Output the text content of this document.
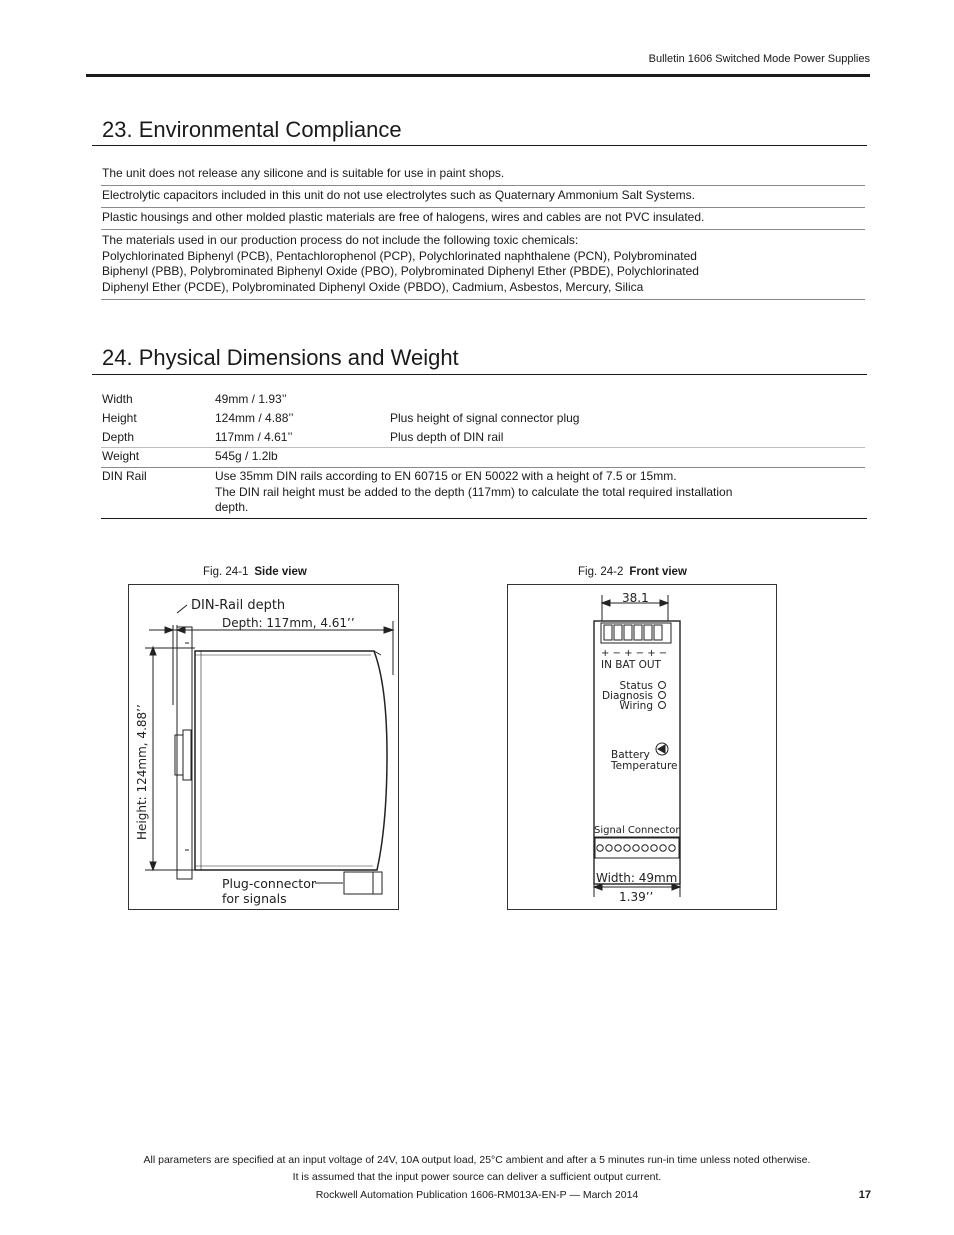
Bulletin 1606 Switched Mode Power Supplies
23. Environmental Compliance
The unit does not release any silicone and is suitable for use in paint shops.
Electrolytic capacitors included in this unit do not use electrolytes such as Quaternary Ammonium Salt Systems.
Plastic housings and other molded plastic materials are free of halogens, wires and cables are not PVC insulated.
The materials used in our production process do not include the following toxic chemicals:
Polychlorinated Biphenyl (PCB), Pentachlorophenol (PCP), Polychlorinated naphthalene (PCN), Polybrominated
Biphenyl (PBB), Polybrominated Biphenyl Oxide (PBO), Polybrominated Diphenyl Ether (PBDE), Polychlorinated
Diphenyl Ether (PCDE), Polybrominated Diphenyl Oxide (PBDO), Cadmium, Asbestos, Mercury, Silica
24. Physical Dimensions and Weight
Width	49mm / 1.93’’
Height	124mm / 4.88’’	Plus height of signal connector plug
Depth	117mm / 4.61’’	Plus depth of DIN rail
Weight	545g / 1.2lb
DIN Rail	Use 35mm DIN rails according to EN 60715 or EN 50022 with a height of 7.5 or 15mm.
The DIN rail height must be added to the depth (117mm) to calculate the total required installation
depth.
Fig. 24-1 Side view	Fig. 24-2 Front view
DIN-Rail depth
Depth: 117mm, 4.61’’
Height: 124mm, 4.88’’
Plug-connector
for signals
38.1
+ − + − + −
IN BAT OUT
Status
Diagnosis
Wiring
Battery
Temperature
Signal Connector
Width: 49mm
1.39’’
All parameters are specified at an input voltage of 24V, 10A output load, 25°C ambient and after a 5 minutes run-in time unless noted otherwise.
It is assumed that the input power source can deliver a sufficient output current.
Rockwell Automation Publication 1606-RM013A-EN-P — March 2014	17
